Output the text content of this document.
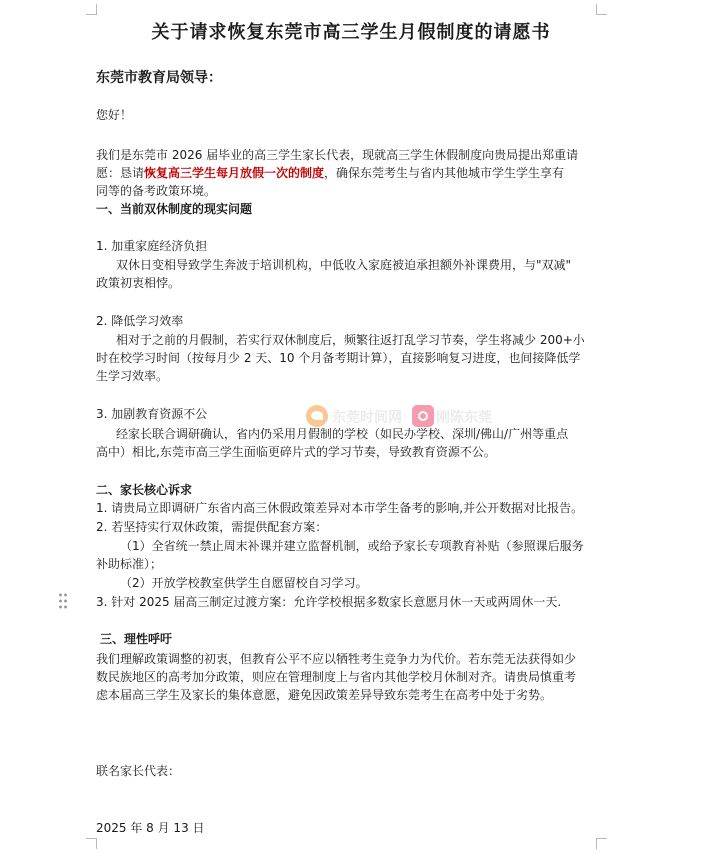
关于请求恢复东莞市高三学生月假制度的请愿书
东莞市教育局领导：
您好！
我们是东莞市 2026 届毕业的高三学生家长代表，现就高三学生休假制度向贵局提出郑重请
愿：恳请恢复高三学生每月放假一次的制度，确保东莞考生与省内其他城市学生学生享有
同等的备考政策环境。
一、当前双休制度的现实问题
1. 加重家庭经济负担
双休日变相导致学生奔波于培训机构，中低收入家庭被迫承担额外补课费用，与"双减"
政策初衷相悖。
2. 降低学习效率
相对于之前的月假制，若实行双休制度后，频繁往返打乱学习节奏，学生将减少 200+小
时在校学习时间（按每月少 2 天、10 个月备考期计算），直接影响复习进度，也间接降低学
生学习效率。
3. 加剧教育资源不公
经家长联合调研确认，省内仍采用月假制的学校（如民办学校、深圳/佛山/广州等重点
高中）相比,东莞市高三学生面临更碎片式的学习节奏，导致教育资源不公。
二、家长核心诉求
1. 请贵局立即调研广东省内高三休假政策差异对本市学生备考的影响,并公开数据对比报告。
2. 若坚持实行双休政策，需提供配套方案：
（1）全省统一禁止周末补课并建立监督机制，或给予家长专项教育补贴（参照课后服务
补助标准）；
（2）开放学校教室供学生自愿留校自习学习。
3. 针对 2025 届高三制定过渡方案：允许学校根据多数家长意愿月休一天或两周休一天.
三、理性呼吁
我们理解政策调整的初衷，但教育公平不应以牺牲考生竞争力为代价。若东莞无法获得如少
数民族地区的高考加分政策，则应在管理制度上与省内其他学校月休制对齐。请贵局慎重考
虑本届高三学生及家长的集体意愿，避免因政策差异导致东莞考生在高考中处于劣势。
联名家长代表：
2025 年 8 月 13 日
东莞时间网 刚陈东莞
